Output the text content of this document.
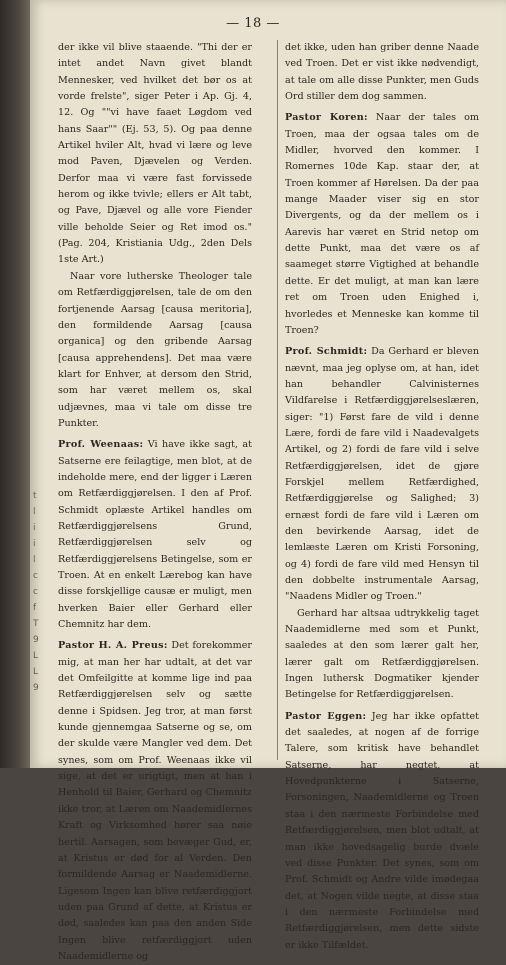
t
l
i
i
l
c
c
f
T
9
L
L
9
— 18 —

der ikke vil blive staaende. "Thi der er intet andet Navn givet blandt Mennesker, ved hvilket det bør os at vorde frelste", siger Peter i Ap. Gj. 4, 12. Og ""vi have faaet Løgdom ved hans Saar"" (Ej. 53, 5). Og paa denne Artikel hviler Alt, hvad vi lære og leve mod Paven, Djævelen og Verden. Derfor maa vi være fast forvissede herom og ikke tvivle; ellers er Alt tabt, og Pave, Djævel og alle vore Fiender ville beholde Seier og Ret imod os." (Pag. 204, Kristiania Udg., 2den Dels 1ste Art.)

Naar vore lutherske Theologer tale om Retfærdiggjørelsen, tale de om den fortjenende Aarsag [causa meritoria], den formildende Aarsag [causa organica] og den gribende Aarsag [causa apprehendens]. Det maa være klart for Enhver, at dersom den Strid, som har været mellem os, skal udjævnes, maa vi tale om disse tre Punkter.

Prof. Weenaas: Vi have ikke sagt, at Satserne ere feilagtige, men blot, at de indeholde mere, end der ligger i Læren om Retfærdiggjørelsen. I den af Prof. Schmidt oplæste Artikel handles om Retfærdiggjørelsens Grund, Retfærdiggjørelsen selv og Retfærdiggjørelsens Betingelse, som er Troen. At en enkelt Lærebog kan have disse forskjellige causæ er muligt, men hverken Baier eller Gerhard eller Chemnitz har dem.

Pastor H. A. Preus: Det forekommer mig, at man her har udtalt, at det var det Omfeilgitte at komme lige ind paa Retfærdiggjørelsen selv og sætte denne i Spidsen. Jeg tror, at man først kunde gjennemgaa Satserne og se, om der skulde være Mangler ved dem. Det synes, som om Prof. Weenaas ikke vil sige, at det er urigtigt, men at han i Henhold til Baier, Gerhard og Chemnitz ikke tror, at Læren om Naademidlernes Kraft og Virksomhed hører saa nøie hertil. Aarsagen, som bevæger Gud, er, at Kristus er død for al Verden. Den formildende Aarsag er Naademidlerne. Ligesom Ingen kan blive retfærdiggjort uden paa Grund af dette, at Kristus er død, saaledes kan paa den anden Side Ingen blive retfærdiggjort uden Naademidlerne og

det ikke, uden han griber denne Naade ved Troen. Det er vist ikke nødvendigt, at tale om alle disse Punkter, men Guds Ord stiller dem dog sammen.

Pastor Koren: Naar der tales om Troen, maa der ogsaa tales om de Midler, hvorved den kommer. I Romernes 10de Kap. staar der, at Troen kommer af Hørelsen. Da der paa mange Maader viser sig en stor Divergents, og da der mellem os i Aarevis har været en Strid netop om dette Punkt, maa det være os af saameget større Vigtighed at behandle dette. Er det muligt, at man kan lære ret om Troen uden Enighed i, hvorledes et Menneske kan komme til Troen?

Prof. Schmidt: Da Gerhard er bleven nævnt, maa jeg oplyse om, at han, idet han behandler Calvinisternes Vildfarelse i Retfærdiggjørelseslæren, siger: "1) Først fare de vild i denne Lære, fordi de fare vild i Naadevalgets Artikel, og 2) fordi de fare vild i selve Retfærdiggjørelsen, idet de gjøre Forskjel mellem Retfærdighed, Retfærdiggjørelse og Salighed; 3) ernæst fordi de fare vild i Læren om den bevirkende Aarsag, idet de lemlæste Læren om Kristi Forsoning, og 4) fordi de fare vild med Hensyn til den dobbelte instrumentale Aarsag, "Naadens Midler og Troen."

Gerhard har altsaa udtrykkelig taget Naademidlerne med som et Punkt, saaledes at den som lærer galt her, lærer galt om Retfærdiggjørelsen. Ingen luthersk Dogmatiker kjender Betingelse for Retfærdiggjørelsen.

Pastor Eggen: Jeg har ikke opfattet det saaledes, at nogen af de forrige Talere, som kritisk have behandlet Satserne, har negtet, at Hovedpunkterne i Satserne, Forsoningen, Naademidlerne og Troen staa i den nærmeste Forbindelse med Retfærdiggjørelsen, men blot udtalt, at man ikke hovedsagelig burde dvæle ved disse Punkter. Det synes, som om Prof. Schmidt og Andre vilde imødegaa det, at Nogen vilde negte, at disse staa i den nærmeste Forbindelse med Retfærdiggjørelsen, men dette sidste er ikke Tilfældet.
